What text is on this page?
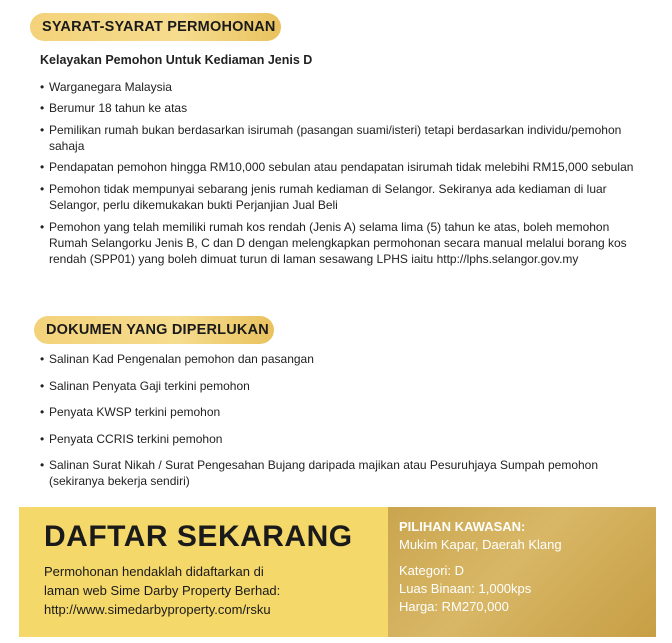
SYARAT-SYARAT PERMOHONAN
Kelayakan Pemohon Untuk Kediaman Jenis D
• Warganegara Malaysia
• Berumur 18 tahun ke atas
• Pemilikan rumah bukan berdasarkan isirumah (pasangan suami/isteri) tetapi berdasarkan individu/pemohon sahaja
• Pendapatan pemohon hingga RM10,000 sebulan atau pendapatan isirumah tidak melebihi RM15,000 sebulan
• Pemohon tidak mempunyai sebarang jenis rumah kediaman di Selangor. Sekiranya ada kediaman di luar Selangor, perlu dikemukakan bukti Perjanjian Jual Beli
• Pemohon yang telah memiliki rumah kos rendah (Jenis A) selama lima (5) tahun ke atas, boleh memohon Rumah Selangorku Jenis B, C dan D dengan melengkapkan permohonan secara manual melalui borang kos rendah (SPP01) yang boleh dimuat turun di laman sesawang LPHS iaitu http://lphs.selangor.gov.my
DOKUMEN YANG DIPERLUKAN
• Salinan Kad Pengenalan pemohon dan pasangan
• Salinan Penyata Gaji terkini pemohon
• Penyata KWSP terkini pemohon
• Penyata CCRIS terkini pemohon
• Salinan Surat Nikah / Surat Pengesahan Bujang daripada majikan atau Pesuruhjaya Sumpah pemohon (sekiranya bekerja sendiri)
DAFTAR SEKARANG
Permohonan hendaklah didaftarkan di
laman web Sime Darby Property Berhad:
http://www.simedarbyproperty.com/rsku
PILIHAN KAWASAN:
Mukim Kapar, Daerah Klang
Kategori: D
Luas Binaan: 1,000kps
Harga: RM270,000
